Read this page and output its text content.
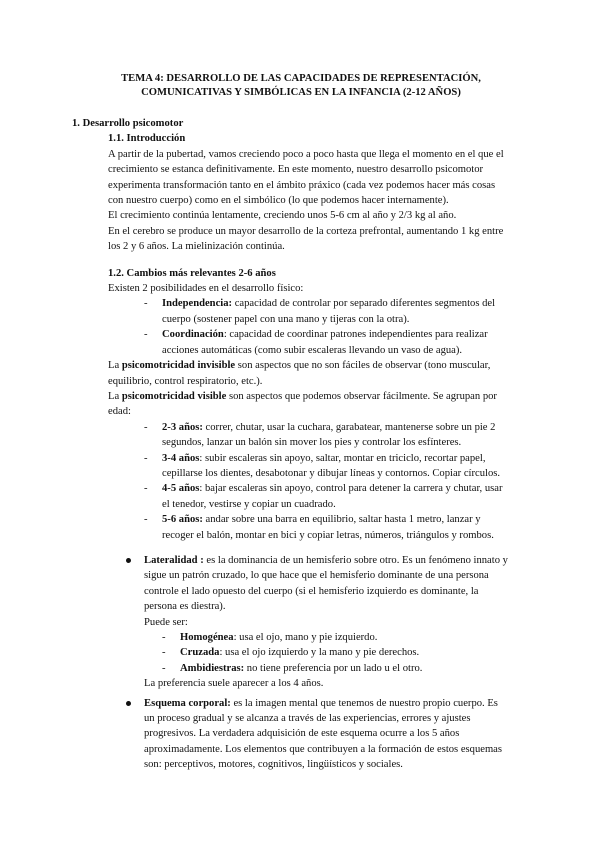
TEMA 4: DESARROLLO DE LAS CAPACIDADES DE REPRESENTACIÓN,
COMUNICATIVAS Y SIMBÓLICAS EN LA INFANCIA (2-12 AÑOS)
1. Desarrollo psicomotor
1.1. Introducción

A partir de la pubertad, vamos creciendo poco a poco hasta que llega el momento en el que el crecimiento se estanca definitivamente. En este momento, nuestro desarrollo psicomotor experimenta transformación tanto en el ámbito práxico (cada vez podemos hacer más cosas con nuestro cuerpo) como en el simbólico (lo que podemos hacer internamente).

El crecimiento continúa lentamente, creciendo unos 5-6 cm al año y 2/3 kg al año.

En el cerebro se produce un mayor desarrollo de la corteza prefrontal, aumentando 1 kg entre los 2 y 6 años. La mielinización continúa.

1.2. Cambios más relevantes 2-6 años

Existen 2 posibilidades en el desarrollo físico:

- Independencia: capacidad de controlar por separado diferentes segmentos del cuerpo (sostener papel con una mano y tijeras con la otra).
- Coordinación: capacidad de coordinar patrones independientes para realizar acciones automáticas (como subir escaleras llevando un vaso de agua).

La psicomotricidad invisible son aspectos que no son fáciles de observar (tono muscular, equilibrio, control respiratorio, etc.).

La psicomotricidad visible son aspectos que podemos observar fácilmente. Se agrupan por edad:

- 2-3 años: correr, chutar, usar la cuchara, garabatear, mantenerse sobre un pie 2 segundos, lanzar un balón sin mover los pies y controlar los esfínteres.
- 3-4 años: subir escaleras sin apoyo, saltar, montar en triciclo, recortar papel, cepillarse los dientes, desabotonar y dibujar líneas y contornos. Copiar círculos.
- 4-5 años: bajar escaleras sin apoyo, control para detener la carrera y chutar, usar el tenedor, vestirse y copiar un cuadrado.
- 5-6 años: andar sobre una barra en equilibrio, saltar hasta 1 metro, lanzar y recoger el balón, montar en bici y copiar letras, números, triángulos y rombos.

Lateralidad : es la dominancia de un hemisferio sobre otro. Es un fenómeno innato y sigue un patrón cruzado, lo que hace que el hemisferio dominante de una persona controle el lado opuesto del cuerpo (si el hemisferio izquierdo es dominante, la persona es diestra).

Puede ser:

- Homogénea: usa el ojo, mano y pie izquierdo.
- Cruzada: usa el ojo izquierdo y la mano y pie derechos.
- Ambidiestras: no tiene preferencia por un lado u el otro.

La preferencia suele aparecer a los 4 años.

Esquema corporal: es la imagen mental que tenemos de nuestro propio cuerpo. Es un proceso gradual y se alcanza a través de las experiencias, errores y ajustes progresivos. La verdadera adquisición de este esquema ocurre a los 5 años aproximadamente. Los elementos que contribuyen a la formación de estos esquemas son: perceptivos, motores, cognitivos, lingüísticos y sociales.
